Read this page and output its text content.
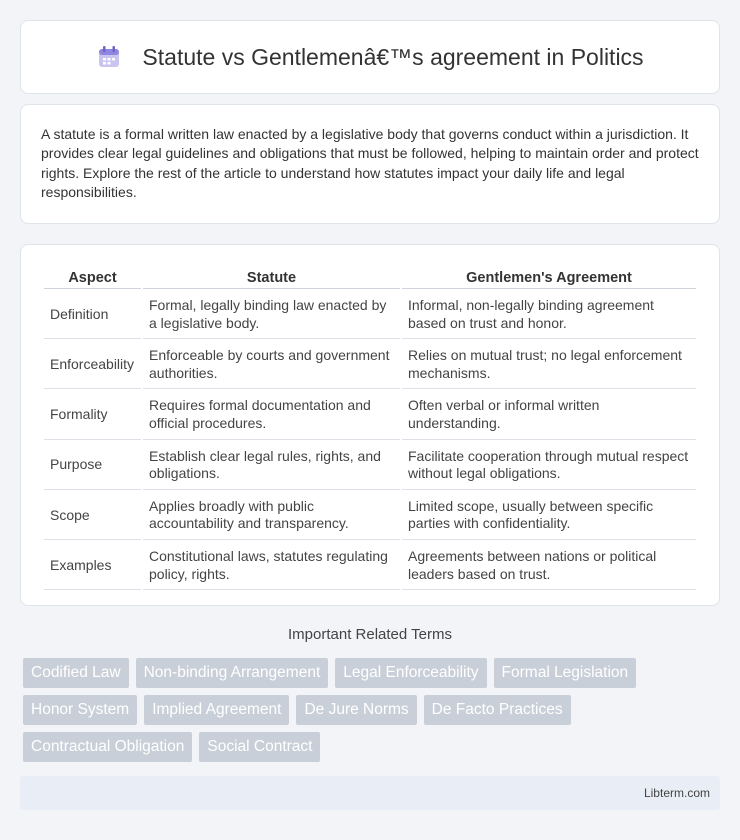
Statute vs Gentlemenâ€™s agreement in Politics

A statute is a formal written law enacted by a legislative body that governs conduct within a jurisdiction. It provides clear legal guidelines and obligations that must be followed, helping to maintain order and protect rights. Explore the rest of the article to understand how statutes impact your daily life and legal responsibilities.

Aspect	Statute	Gentlemen's Agreement
Definition	Formal, legally binding law enacted by a legislative body.	Informal, non-legally binding agreement based on trust and honor.
Enforceability	Enforceable by courts and government authorities.	Relies on mutual trust; no legal enforcement mechanisms.
Formality	Requires formal documentation and official procedures.	Often verbal or informal written understanding.
Purpose	Establish clear legal rules, rights, and obligations.	Facilitate cooperation through mutual respect without legal obligations.
Scope	Applies broadly with public accountability and transparency.	Limited scope, usually between specific parties with confidentiality.
Examples	Constitutional laws, statutes regulating policy, rights.	Agreements between nations or political leaders based on trust.
Important Related Terms
Codified Law	Non-binding Arrangement	Legal Enforceability	Formal Legislation
Honor System	Implied Agreement	De Jure Norms	De Facto Practices
Contractual Obligation	Social Contract
Libterm.com
